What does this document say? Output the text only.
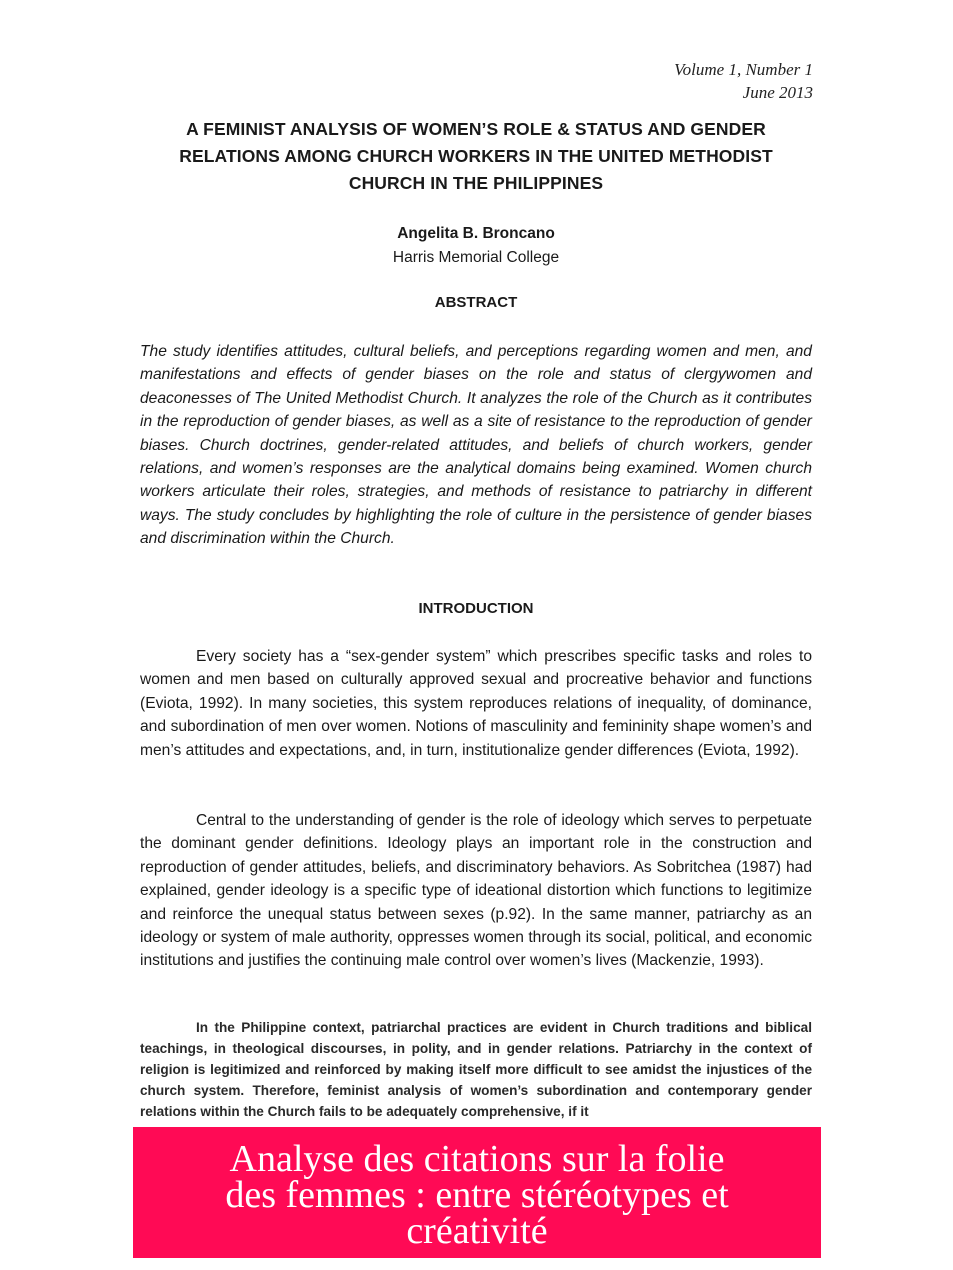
Volume 1, Number 1
June 2013
A FEMINIST ANALYSIS OF WOMEN’S ROLE & STATUS AND GENDER RELATIONS AMONG CHURCH WORKERS IN THE UNITED METHODIST CHURCH IN THE PHILIPPINES
Angelita B. Broncano
Harris Memorial College
ABSTRACT

The study identifies attitudes, cultural beliefs, and perceptions regarding women and men, and manifestations and effects of gender biases on the role and status of clergywomen and deaconesses of The United Methodist Church. It analyzes the role of the Church as it contributes in the reproduction of gender biases, as well as a site of resistance to the reproduction of gender biases. Church doctrines, gender-related attitudes, and beliefs of church workers, gender relations, and women’s responses are the analytical domains being examined. Women church workers articulate their roles, strategies, and methods of resistance to patriarchy in different ways. The study concludes by highlighting the role of culture in the persistence of gender biases and discrimination within the Church.

INTRODUCTION

Every society has a “sex-gender system” which prescribes specific tasks and roles to women and men based on culturally approved sexual and procreative behavior and functions (Eviota, 1992). In many societies, this system reproduces relations of inequality, of dominance, and subordination of men over women. Notions of masculinity and femininity shape women’s and men’s attitudes and expectations, and, in turn, institutionalize gender differences (Eviota, 1992).

Central to the understanding of gender is the role of ideology which serves to perpetuate the dominant gender definitions. Ideology plays an important role in the construction and reproduction of gender attitudes, beliefs, and discriminatory behaviors. As Sobritchea (1987) had explained, gender ideology is a specific type of ideational distortion which functions to legitimize and reinforce the unequal status between sexes (p.92). In the same manner, patriarchy as an ideology or system of male authority, oppresses women through its social, political, and economic institutions and justifies the continuing male control over women’s lives (Mackenzie, 1993).

In the Philippine context, patriarchal practices are evident in Church traditions and biblical teachings, in theological discourses, in polity, and in gender relations. Patriarchy in the context of religion is legitimized and reinforced by making itself more difficult to see amidst the injustices of the church system. Therefore, feminist analysis of women’s subordination and contemporary gender relations within the Church fails to be adequately comprehensive, if it

Analyse des citations sur la folie des femmes : entre stéréotypes et créativité
